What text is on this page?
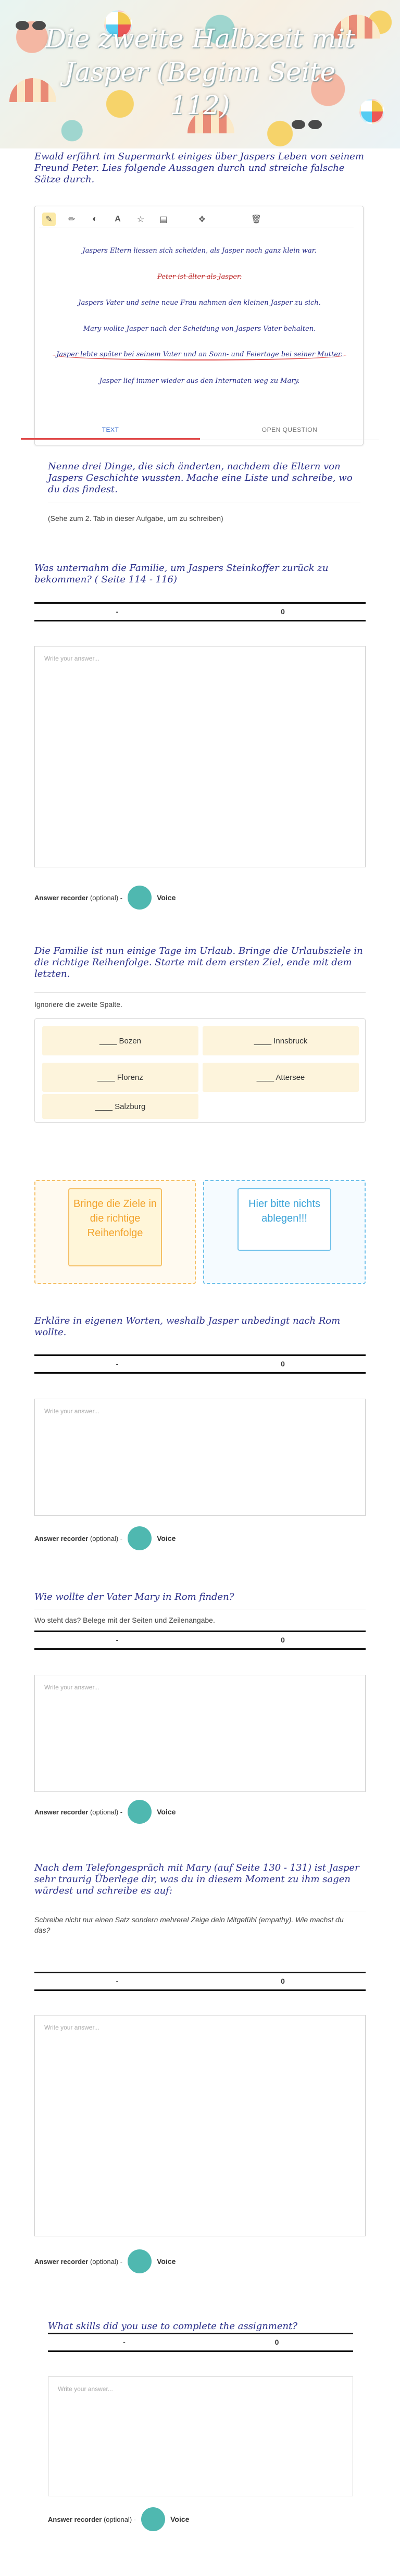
Die zweite Halbzeit mit Jasper (Beginn Seite 112)
Ewald erfährt im Supermarkt einiges über Jaspers Leben von seinem Freund Peter. Lies folgende Aussagen durch und streiche falsche Sätze durch.
✎	✏	◐	A	☆	▤	✥	🗑
Jaspers Eltern liessen sich scheiden, als Jasper noch ganz klein war.
Peter ist älter als Jasper.
Jaspers Vater und seine neue Frau nahmen den kleinen Jasper zu sich.
Mary wollte Jasper nach der Scheidung von Jaspers Vater behalten.
Jasper lebte später bei seinem Vater und an Sonn- und Feiertage bei seiner Mutter.
Jasper lief immer wieder aus den Internaten weg zu Mary.
TEXT	OPEN QUESTION
Nenne drei Dinge, die sich änderten, nachdem die Eltern von Jaspers Geschichte wussten. Mache eine Liste und schreibe, wo du das findest.
(Sehe zum 2. Tab in dieser Aufgabe, um zu schreiben)
Was unternahm die Familie, um Jaspers Steinkoffer zurück zu bekommen? ( Seite 114 - 116)
-	0
Write your answer...
Answer recorder (optional) -	Voice
Die Familie ist nun einige Tage im Urlaub. Bringe die Urlaubsziele in die richtige Reihenfolge. Starte mit dem ersten Ziel, ende mit dem letzten.
Ignoriere die zweite Spalte.
____ Bozen	____ Innsbruck
____ Florenz	____ Attersee
____ Salzburg
Bringe die Ziele in die richtige Reihenfolge
Hier bitte nichts ablegen!!!
Erkläre in eigenen Worten, weshalb Jasper unbedingt nach Rom wollte.
-	0
Write your answer...
Answer recorder (optional) -	Voice
Wie wollte der Vater Mary in Rom finden?
Wo steht das? Belege mit der Seiten und Zeilenangabe.
-	0
Write your answer...
Answer recorder (optional) -	Voice
Nach dem Telefongespräch mit Mary (auf Seite 130 - 131) ist Jasper sehr traurig Überlege dir, was du in diesem Moment zu ihm sagen würdest und schreibe es auf:
Schreibe nicht nur einen Satz sondern mehrerel Zeige dein Mitgefühl (empathy). Wie machst du das?
-	0
Write your answer...
Answer recorder (optional) -	Voice
What skills did you use to complete the assignment?
-	0
Write your answer...
Answer recorder (optional) -	Voice
